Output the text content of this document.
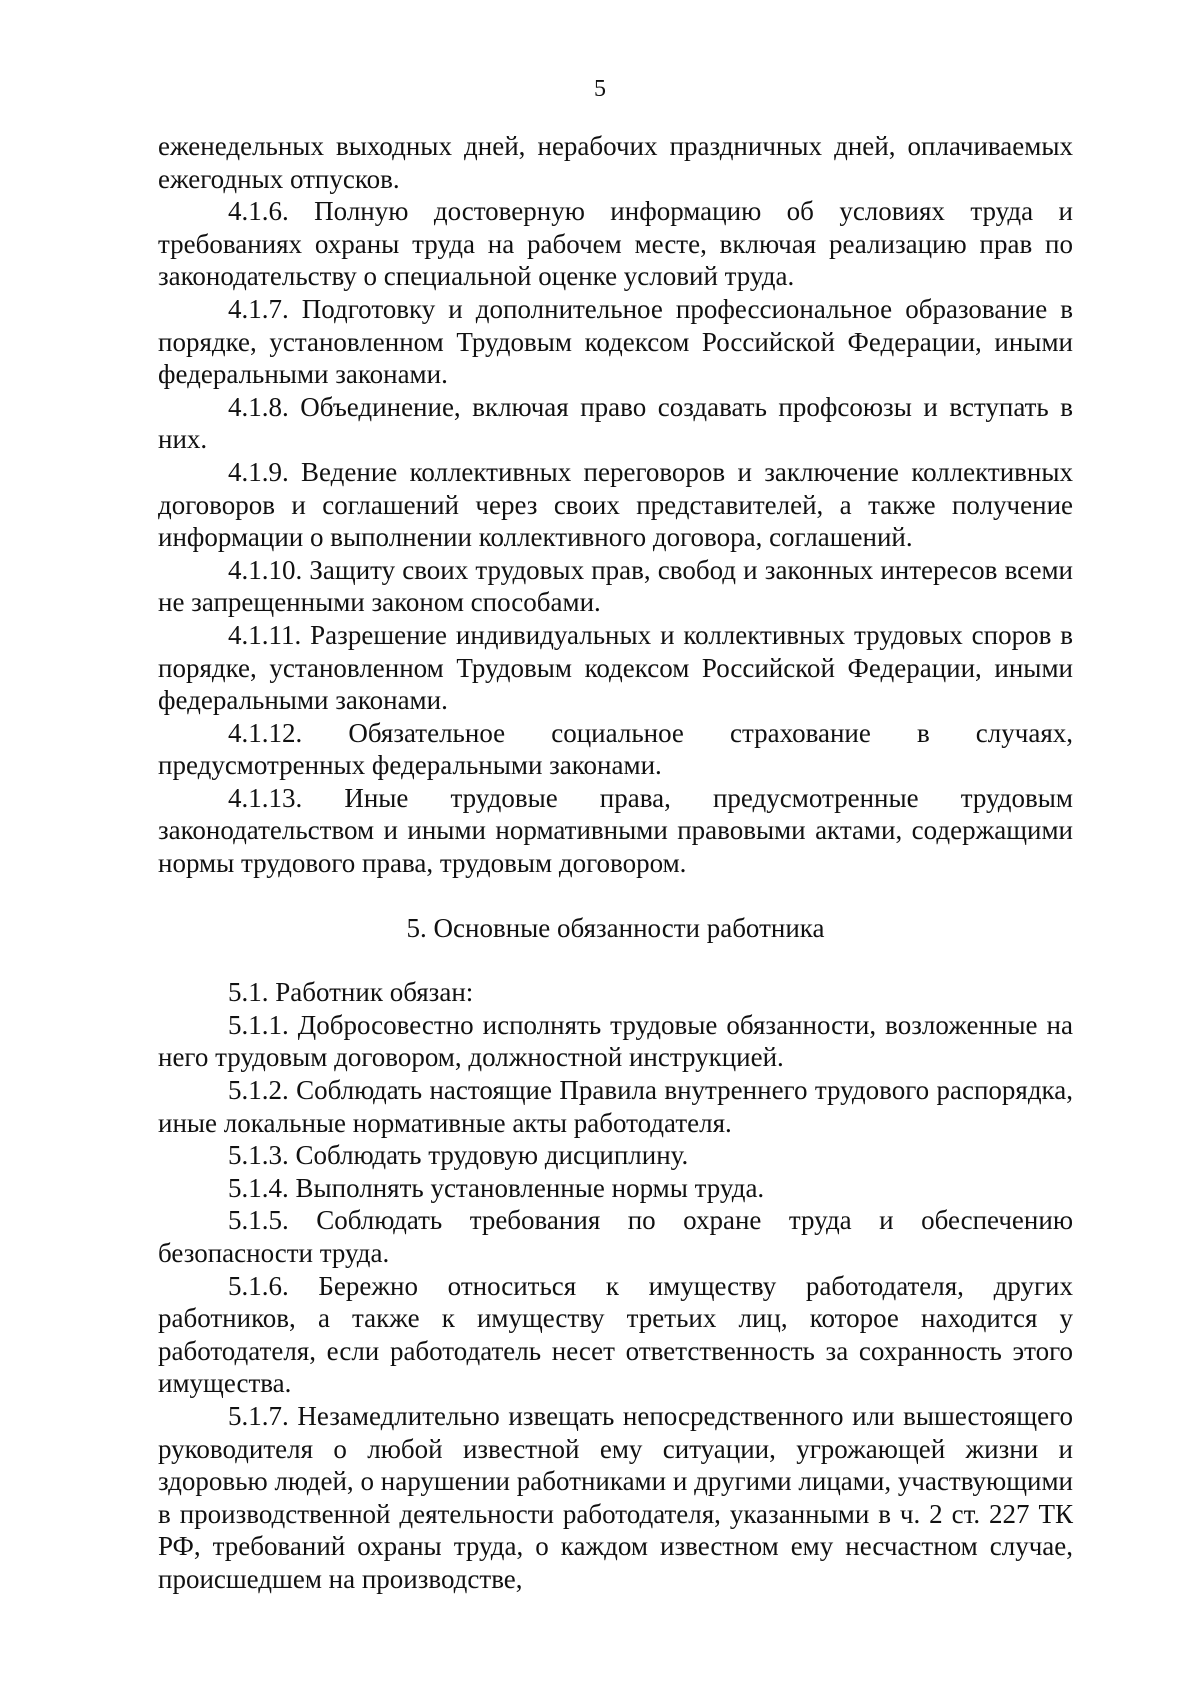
5

еженедельных выходных дней, нерабочих праздничных дней, оплачиваемых ежегодных отпусков.

4.1.6. Полную достоверную информацию об условиях труда и требованиях охраны труда на рабочем месте, включая реализацию прав по законодательству о специальной оценке условий труда.

4.1.7. Подготовку и дополнительное профессиональное образование в порядке, установленном Трудовым кодексом Российской Федерации, иными федеральными законами.

4.1.8. Объединение, включая право создавать профсоюзы и вступать в них.

4.1.9. Ведение коллективных переговоров и заключение коллективных договоров и соглашений через своих представителей, а также получение информации о выполнении коллективного договора, соглашений.

4.1.10. Защиту своих трудовых прав, свобод и законных интересов всеми не запрещенными законом способами.

4.1.11. Разрешение индивидуальных и коллективных трудовых споров в порядке, установленном Трудовым кодексом Российской Федерации, иными федеральными законами.

4.1.12. Обязательное социальное страхование в случаях, предусмотренных федеральными законами.

4.1.13. Иные трудовые права, предусмотренные трудовым законодательством и иными нормативными правовыми актами, содержащими нормы трудового права, трудовым договором.

5. Основные обязанности работника

5.1. Работник обязан:

5.1.1. Добросовестно исполнять трудовые обязанности, возложенные на него трудовым договором, должностной инструкцией.

5.1.2. Соблюдать настоящие Правила внутреннего трудового распорядка, иные локальные нормативные акты работодателя.

5.1.3. Соблюдать трудовую дисциплину.

5.1.4. Выполнять установленные нормы труда.

5.1.5. Соблюдать требования по охране труда и обеспечению безопасности труда.

5.1.6. Бережно относиться к имуществу работодателя, других работников, а также к имуществу третьих лиц, которое находится у работодателя, если работодатель несет ответственность за сохранность этого имущества.

5.1.7. Незамедлительно извещать непосредственного или вышестоящего руководителя о любой известной ему ситуации, угрожающей жизни и здоровью людей, о нарушении работниками и другими лицами, участвующими в производственной деятельности работодателя, указанными в ч. 2 ст. 227 ТК РФ, требований охраны труда, о каждом известном ему несчастном случае, происшедшем на производстве,
